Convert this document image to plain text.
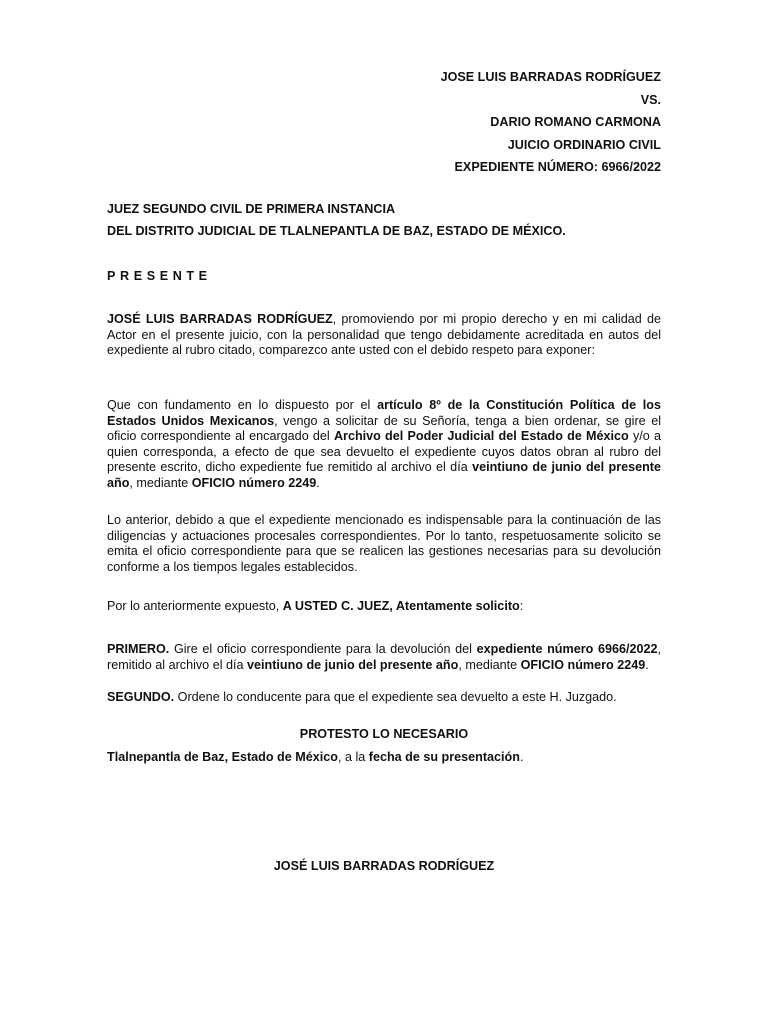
JOSE LUIS BARRADAS RODRÍGUEZ
VS.
DARIO ROMANO CARMONA
JUICIO ORDINARIO CIVIL
EXPEDIENTE NÚMERO: 6966/2022
JUEZ SEGUNDO CIVIL DE PRIMERA INSTANCIA
DEL DISTRITO JUDICIAL DE TLALNEPANTLA DE BAZ, ESTADO DE MÉXICO.
PRESENTE
JOSÉ LUIS BARRADAS RODRÍGUEZ, promoviendo por mi propio derecho y en mi calidad de Actor en el presente juicio, con la personalidad que tengo debidamente acreditada en autos del expediente al rubro citado, comparezco ante usted con el debido respeto para exponer:
Que con fundamento en lo dispuesto por el artículo 8º de la Constitución Política de los Estados Unidos Mexicanos, vengo a solicitar de su Señoría, tenga a bien ordenar, se gire el oficio correspondiente al encargado del Archivo del Poder Judicial del Estado de México y/o a quien corresponda, a efecto de que sea devuelto el expediente cuyos datos obran al rubro del presente escrito, dicho expediente fue remitido al archivo el día veintiuno de junio del presente año, mediante OFICIO número 2249.
Lo anterior, debido a que el expediente mencionado es indispensable para la continuación de las diligencias y actuaciones procesales correspondientes. Por lo tanto, respetuosamente solicito se emita el oficio correspondiente para que se realicen las gestiones necesarias para su devolución conforme a los tiempos legales establecidos.
Por lo anteriormente expuesto, A USTED C. JUEZ, Atentamente solicito:
PRIMERO. Gire el oficio correspondiente para la devolución del expediente número 6966/2022, remitido al archivo el día veintiuno de junio del presente año, mediante OFICIO número 2249.
SEGUNDO. Ordene lo conducente para que el expediente sea devuelto a este H. Juzgado.
PROTESTO LO NECESARIO
Tlalnepantla de Baz, Estado de México, a la fecha de su presentación.
JOSÉ LUIS BARRADAS RODRÍGUEZ
